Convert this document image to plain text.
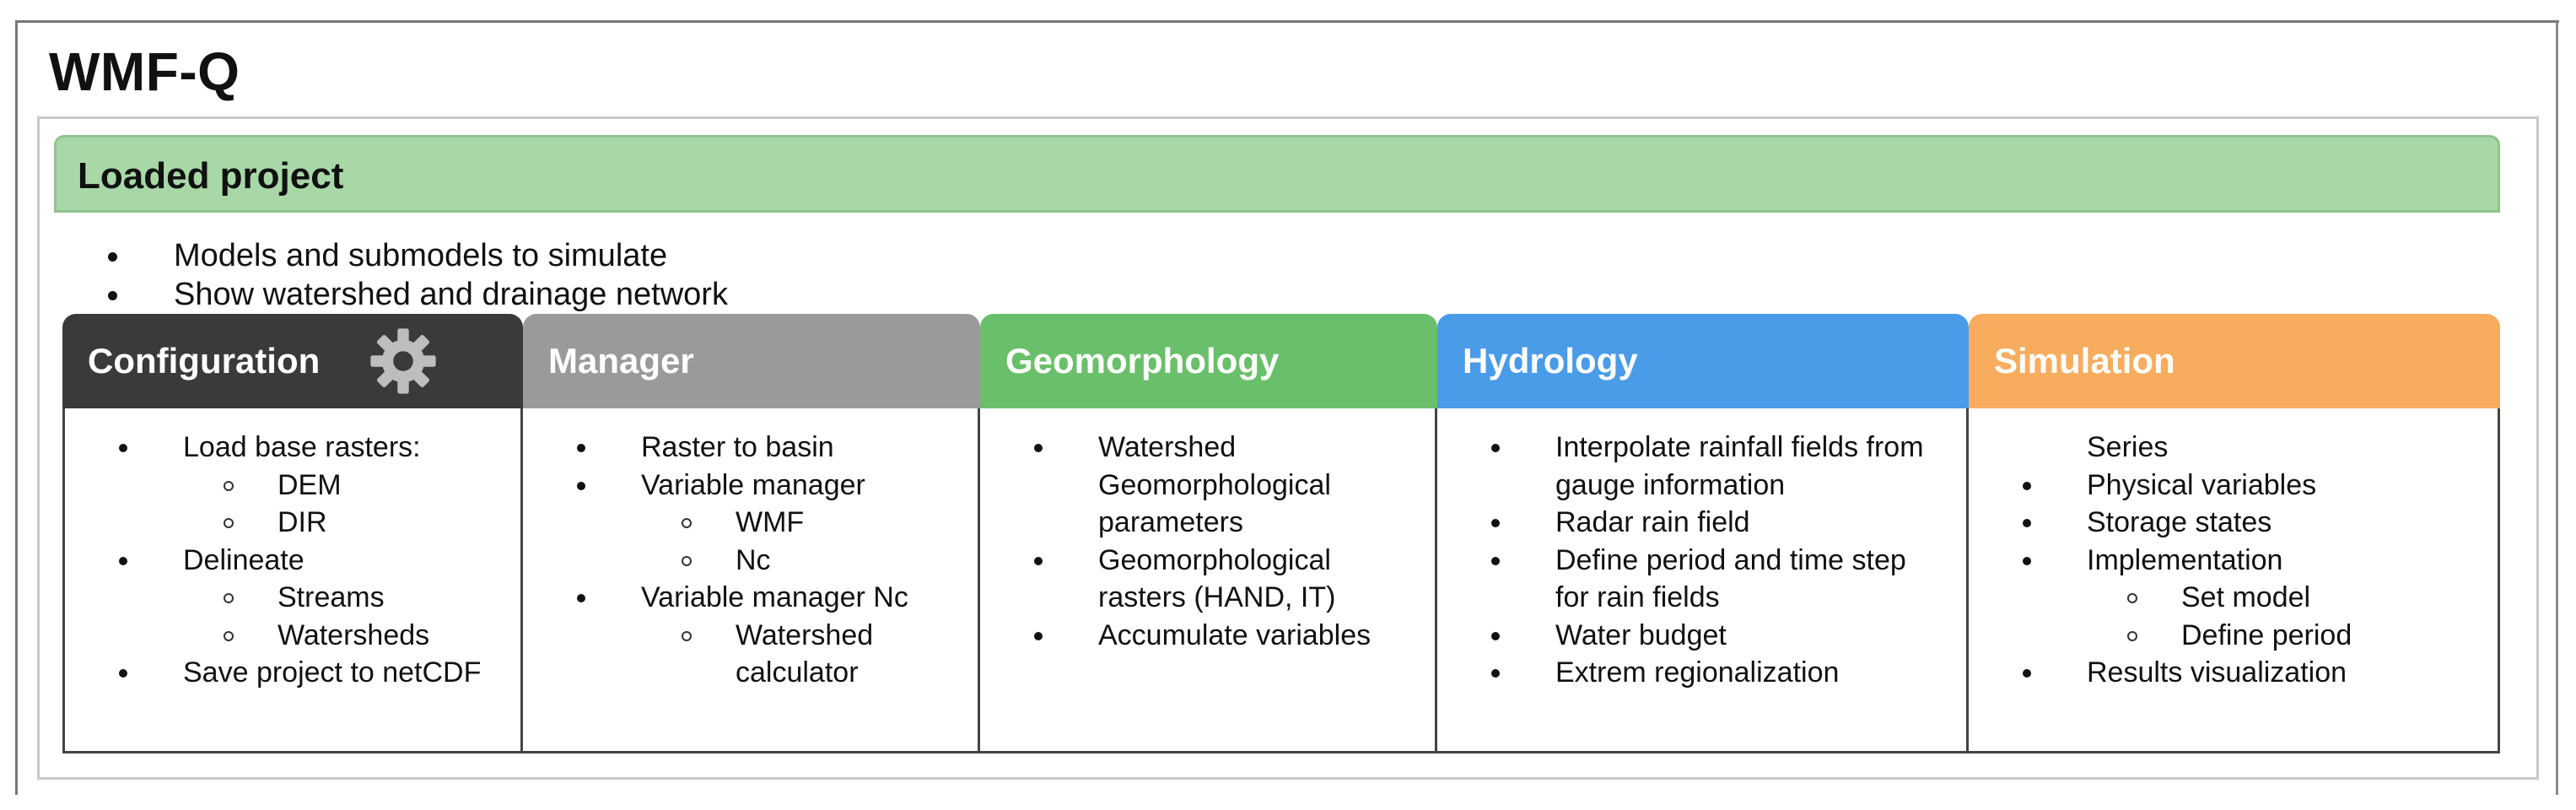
WMF-Q
Loaded project
Models and submodels to simulate
Show watershed and drainage network
Configuration
Load base rasters:
DEM
DIR
Delineate
Streams
Watersheds
Save project to netCDF
Manager
Raster to basin
Variable manager
WMF
Nc
Variable manager Nc
Watershed
calculator
Geomorphology
Watershed
Geomorphological
parameters
Geomorphological
rasters (HAND, IT)
Accumulate variables
Hydrology
Interpolate rainfall fields from
gauge information
Radar rain field
Define period and time step
for rain fields
Water budget
Extrem regionalization
Simulation
Series
Physical variables
Storage states
Implementation
Set model
Define period
Results visualization
